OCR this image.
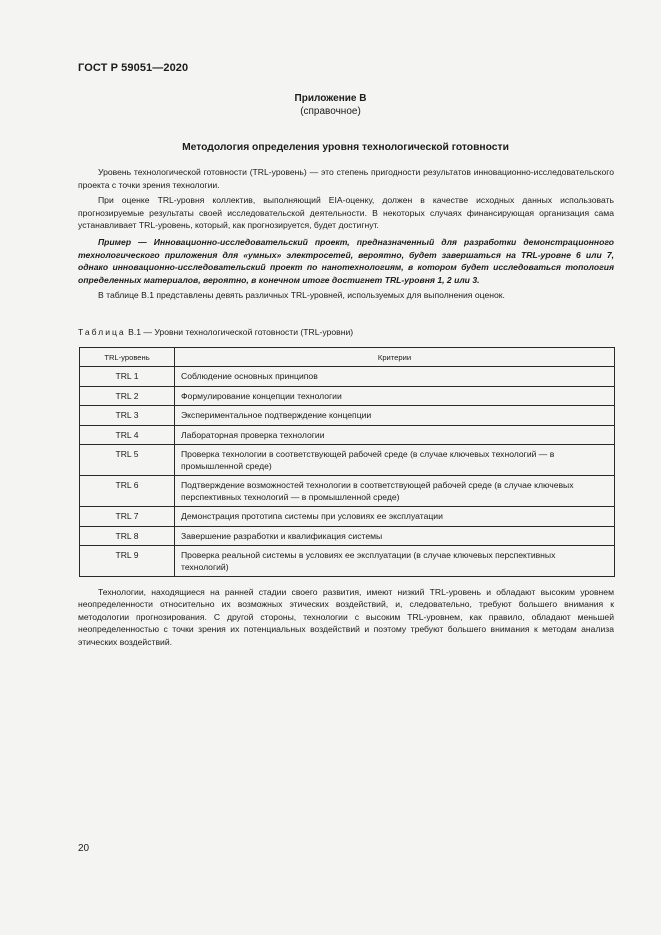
ГОСТ Р 59051—2020
Приложение В
(справочное)
Методология определения уровня технологической готовности

Уровень технологической готовности (TRL-уровень) — это степень пригодности результатов инновационно-исследовательского проекта с точки зрения технологии.

При оценке TRL-уровня коллектив, выполняющий EIA-оценку, должен в качестве исходных данных использовать прогнозируемые результаты своей исследовательской деятельности. В некоторых случаях финансирующая организация сама устанавливает TRL-уровень, который, как прогнозируется, будет достигнут.

Пример — Инновационно-исследовательский проект, предназначенный для разработки демонстрационного технологического приложения для «умных» электросетей, вероятно, будет завершаться на TRL-уровне 6 или 7, однако инновационно-исследовательский проект по нанотехнологиям, в котором будет исследоваться топология определенных материалов, вероятно, в конечном итоге достигнет TRL-уровня 1, 2 или 3.

В таблице В.1 представлены девять различных TRL-уровней, используемых для выполнения оценок.

Таблица В.1 — Уровни технологической готовности (TRL-уровни)
TRL-уровень	Критерии
TRL 1	Соблюдение основных принципов
TRL 2	Формулирование концепции технологии
TRL 3	Экспериментальное подтверждение концепции
TRL 4	Лабораторная проверка технологии
TRL 5	Проверка технологии в соответствующей рабочей среде (в случае ключевых технологий — в промышленной среде)
TRL 6	Подтверждение возможностей технологии в соответствующей рабочей среде (в случае ключевых перспективных технологий — в промышленной среде)
TRL 7	Демонстрация прототипа системы при условиях ее эксплуатации
TRL 8	Завершение разработки и квалификация системы
TRL 9	Проверка реальной системы в условиях ее эксплуатации (в случае ключевых перспективных технологий)

Технологии, находящиеся на ранней стадии своего развития, имеют низкий TRL-уровень и обладают высоким уровнем неопределенности относительно их возможных этических воздействий, и, следовательно, требуют большего внимания к методологии прогнозирования. С другой стороны, технологии с высоким TRL-уровнем, как правило, обладают меньшей неопределенностью с точки зрения их потенциальных воздействий и поэтому требуют большего внимания к методам анализа этических воздействий.

20
